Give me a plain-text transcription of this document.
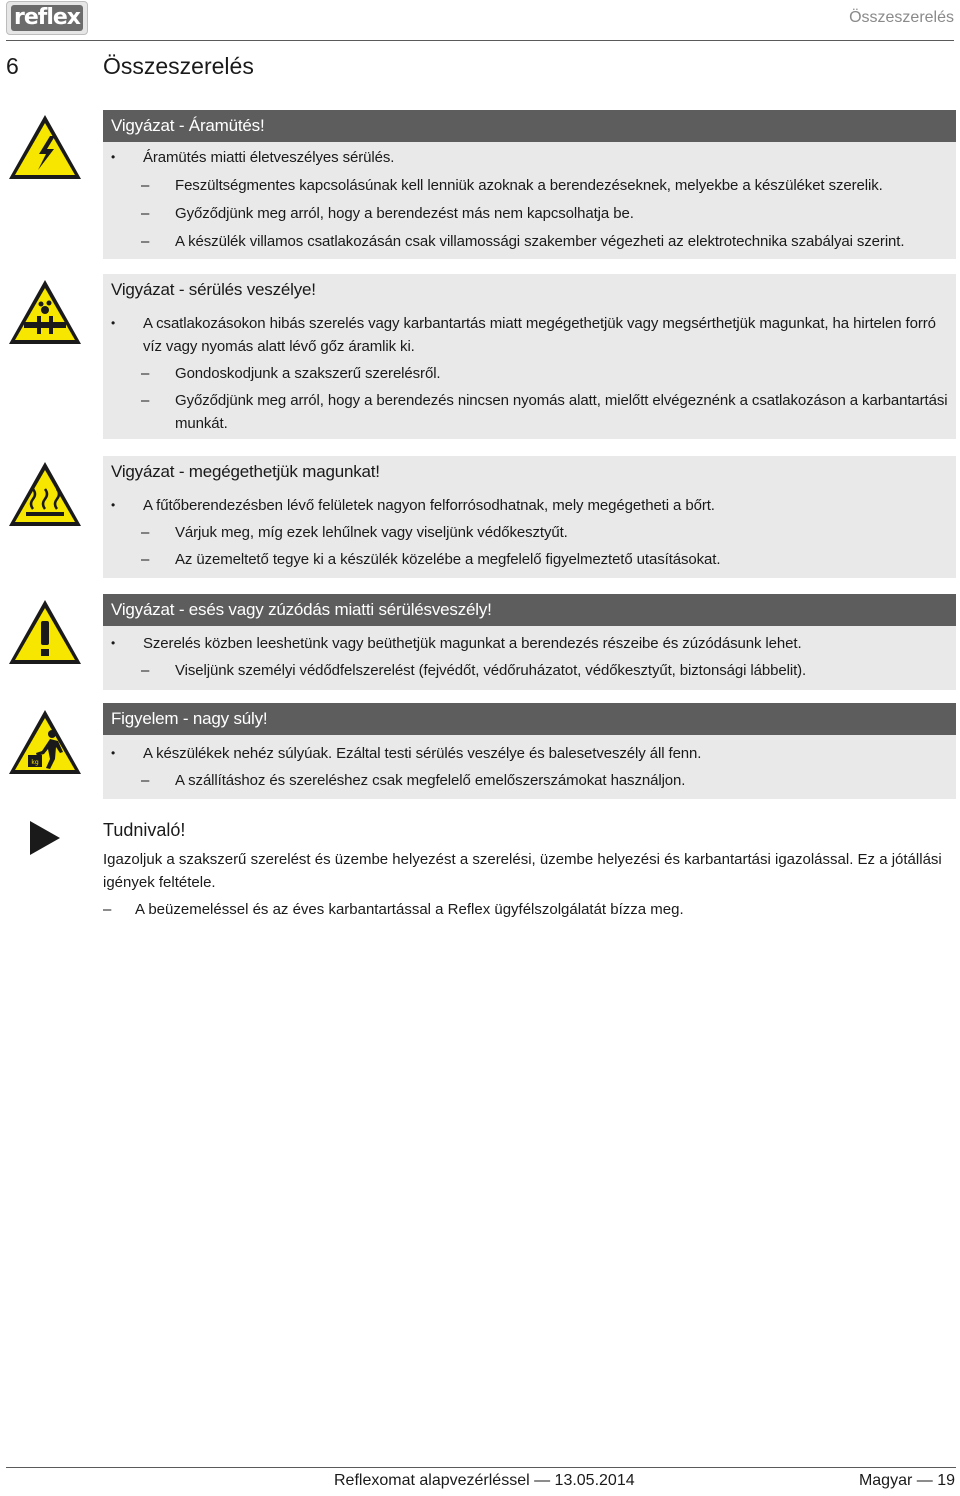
reflex	Összeszerelés
6	Összeszerelés
kg
Vigyázat - Áramütés!
• Áramütés miatti életveszélyes sérülés.
– Feszültségmentes kapcsolásúnak kell lenniük azoknak a berendezéseknek, melyekbe a készüléket szerelik.
– Győződjünk meg arról, hogy a berendezést más nem kapcsolhatja be.
– A készülék villamos csatlakozásán csak villamossági szakember végezheti az elektrotechnika szabályai szerint.
Vigyázat - sérülés veszélye!
• A csatlakozásokon hibás szerelés vagy karbantartás miatt megégethetjük vagy megsérthetjük magunkat, ha hirtelen forró víz vagy nyomás alatt lévő gőz áramlik ki.
– Gondoskodjunk a szakszerű szerelésről.
– Győződjünk meg arról, hogy a berendezés nincsen nyomás alatt, mielőtt elvégeznénk a csatlakozáson a karbantartási munkát.
Vigyázat - megégethetjük magunkat!
• A fűtőberendezésben lévő felületek nagyon felforrósodhatnak, mely megégetheti a bőrt.
– Várjuk meg, míg ezek lehűlnek vagy viseljünk védőkesztyűt.
– Az üzemeltető tegye ki a készülék közelébe a megfelelő figyelmeztető utasításokat.
Vigyázat - esés vagy zúzódás miatti sérülésveszély!
• Szerelés közben leeshetünk vagy beüthetjük magunkat a berendezés részeibe és zúzódásunk lehet.
– Viseljünk személyi védődfelszerelést (fejvédőt, védőruházatot, védőkesztyűt, biztonsági lábbelit).
Figyelem - nagy súly!
• A készülékek nehéz súlyúak. Ezáltal testi sérülés veszélye és balesetveszély áll fenn.
– A szállításhoz és szereléshez csak megfelelő emelőszerszámokat használjon.
Tudnivaló!
Igazoljuk a szakszerű szerelést és üzembe helyezést a szerelési, üzembe helyezési és karbantartási igazolással. Ez a jótállási igények feltétele.
– A beüzemeléssel és az éves karbantartással a Reflex ügyfélszolgálatát bízza meg.
Reflexomat alapvezérléssel — 13.05.2014	Magyar — 19
